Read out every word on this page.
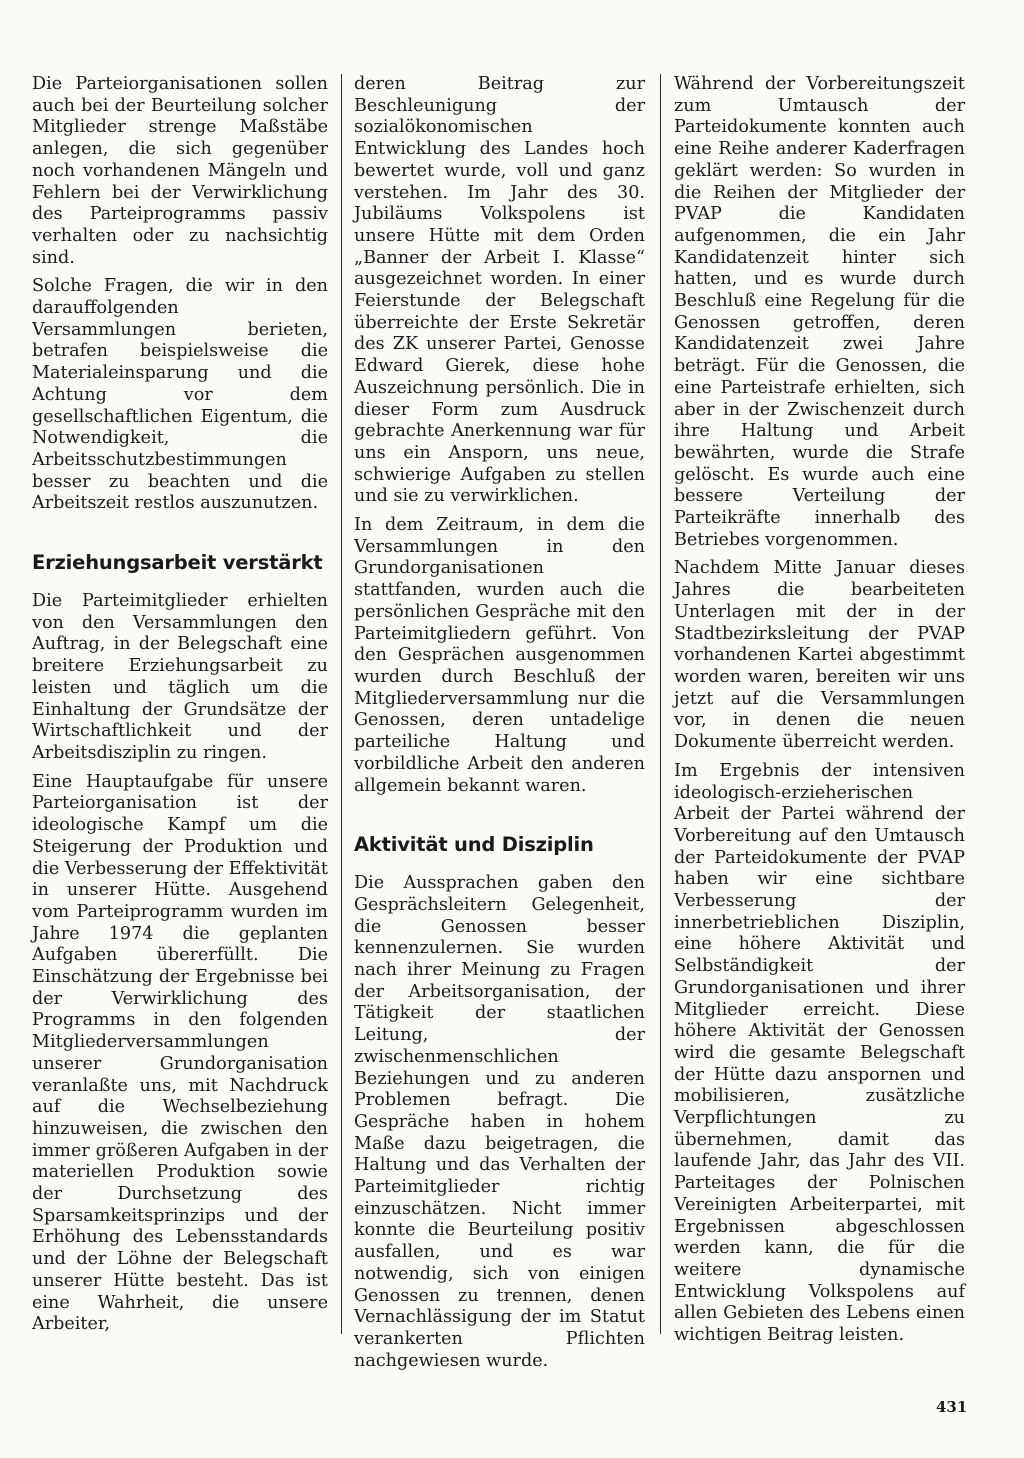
Die Parteiorganisationen sollen auch bei der Beurteilung solcher Mitglieder strenge Maßstäbe anlegen, die sich gegenüber noch vorhandenen Mängeln und Fehlern bei der Verwirklichung des Parteiprogramms passiv verhalten oder zu nachsichtig sind.

Solche Fragen, die wir in den darauffolgenden Versammlungen berieten, betrafen beispielsweise die Materialeinsparung und die Achtung vor dem gesellschaftlichen Eigentum, die Notwendigkeit, die Arbeitsschutzbestimmungen besser zu beachten und die Arbeitszeit restlos auszunutzen.

Erziehungsarbeit verstärkt

Die Parteimitglieder erhielten von den Versammlungen den Auftrag, in der Belegschaft eine breitere Erziehungsarbeit zu leisten und täglich um die Einhaltung der Grundsätze der Wirtschaftlichkeit und der Arbeitsdisziplin zu ringen.

Eine Hauptaufgabe für unsere Parteiorganisation ist der ideologische Kampf um die Steigerung der Produktion und die Verbesserung der Effektivität in unserer Hütte. Ausgehend vom Parteiprogramm wurden im Jahre 1974 die geplanten Aufgaben übererfüllt. Die Einschätzung der Ergebnisse bei der Verwirklichung des Programms in den folgenden Mitgliederversammlungen unserer Grundorganisation veranlaßte uns, mit Nachdruck auf die Wechselbeziehung hinzuweisen, die zwischen den immer größeren Aufgaben in der materiellen Produktion sowie der Durchsetzung des Sparsamkeitsprinzips und der Erhöhung des Lebensstandards und der Löhne der Belegschaft unserer Hütte besteht. Das ist eine Wahrheit, die unsere Arbeiter,

deren Beitrag zur Beschleunigung der sozialökonomischen Entwicklung des Landes hoch bewertet wurde, voll und ganz verstehen. Im Jahr des 30. Jubiläums Volkspolens ist unsere Hütte mit dem Orden „Banner der Arbeit I. Klasse“ ausgezeichnet worden. In einer Feierstunde der Belegschaft überreichte der Erste Sekretär des ZK unserer Partei, Genosse Edward Gierek, diese hohe Auszeichnung persönlich. Die in dieser Form zum Ausdruck gebrachte Anerkennung war für uns ein Ansporn, uns neue, schwierige Aufgaben zu stellen und sie zu verwirklichen.

In dem Zeitraum, in dem die Versammlungen in den Grundorganisationen stattfanden, wurden auch die persönlichen Gespräche mit den Parteimitgliedern geführt. Von den Gesprächen ausgenommen wurden durch Beschluß der Mitgliederversammlung nur die Genossen, deren untadelige parteiliche Haltung und vorbildliche Arbeit den anderen allgemein bekannt waren.

Aktivität und Disziplin

Die Aussprachen gaben den Gesprächsleitern Gelegenheit, die Genossen besser kennenzulernen. Sie wurden nach ihrer Meinung zu Fragen der Arbeitsorganisation, der Tätigkeit der staatlichen Leitung, der zwischenmenschlichen Beziehungen und zu anderen Problemen befragt. Die Gespräche haben in hohem Maße dazu beigetragen, die Haltung und das Verhalten der Parteimitglieder richtig einzuschätzen. Nicht immer konnte die Beurteilung positiv ausfallen, und es war notwendig, sich von einigen Genossen zu trennen, denen Vernachlässigung der im Statut verankerten Pflichten nachgewiesen wurde.

Während der Vorbereitungszeit zum Umtausch der Parteidokumente konnten auch eine Reihe anderer Kaderfragen geklärt werden: So wurden in die Reihen der Mitglieder der PVAP die Kandidaten aufgenommen, die ein Jahr Kandidatenzeit hinter sich hatten, und es wurde durch Beschluß eine Regelung für die Genossen getroffen, deren Kandidatenzeit zwei Jahre beträgt. Für die Genossen, die eine Parteistrafe erhielten, sich aber in der Zwischenzeit durch ihre Haltung und Arbeit bewährten, wurde die Strafe gelöscht. Es wurde auch eine bessere Verteilung der Parteikräfte innerhalb des Betriebes vorgenommen.

Nachdem Mitte Januar dieses Jahres die bearbeiteten Unterlagen mit der in der Stadtbezirksleitung der PVAP vorhandenen Kartei abgestimmt worden waren, bereiten wir uns jetzt auf die Versammlungen vor, in denen die neuen Dokumente überreicht werden.

Im Ergebnis der intensiven ideologisch-erzieherischen Arbeit der Partei während der Vorbereitung auf den Umtausch der Parteidokumente der PVAP haben wir eine sichtbare Verbesserung der innerbetrieblichen Disziplin, eine höhere Aktivität und Selbständigkeit der Grundorganisationen und ihrer Mitglieder erreicht. Diese höhere Aktivität der Genossen wird die gesamte Belegschaft der Hütte dazu anspornen und mobilisieren, zusätzliche Verpflichtungen zu übernehmen, damit das laufende Jahr, das Jahr des VII. Parteitages der Polnischen Vereinigten Arbeiterpartei, mit Ergebnissen abgeschlossen werden kann, die für die weitere dynamische Entwicklung Volkspolens auf allen Gebieten des Lebens einen wichtigen Beitrag leisten.

431
